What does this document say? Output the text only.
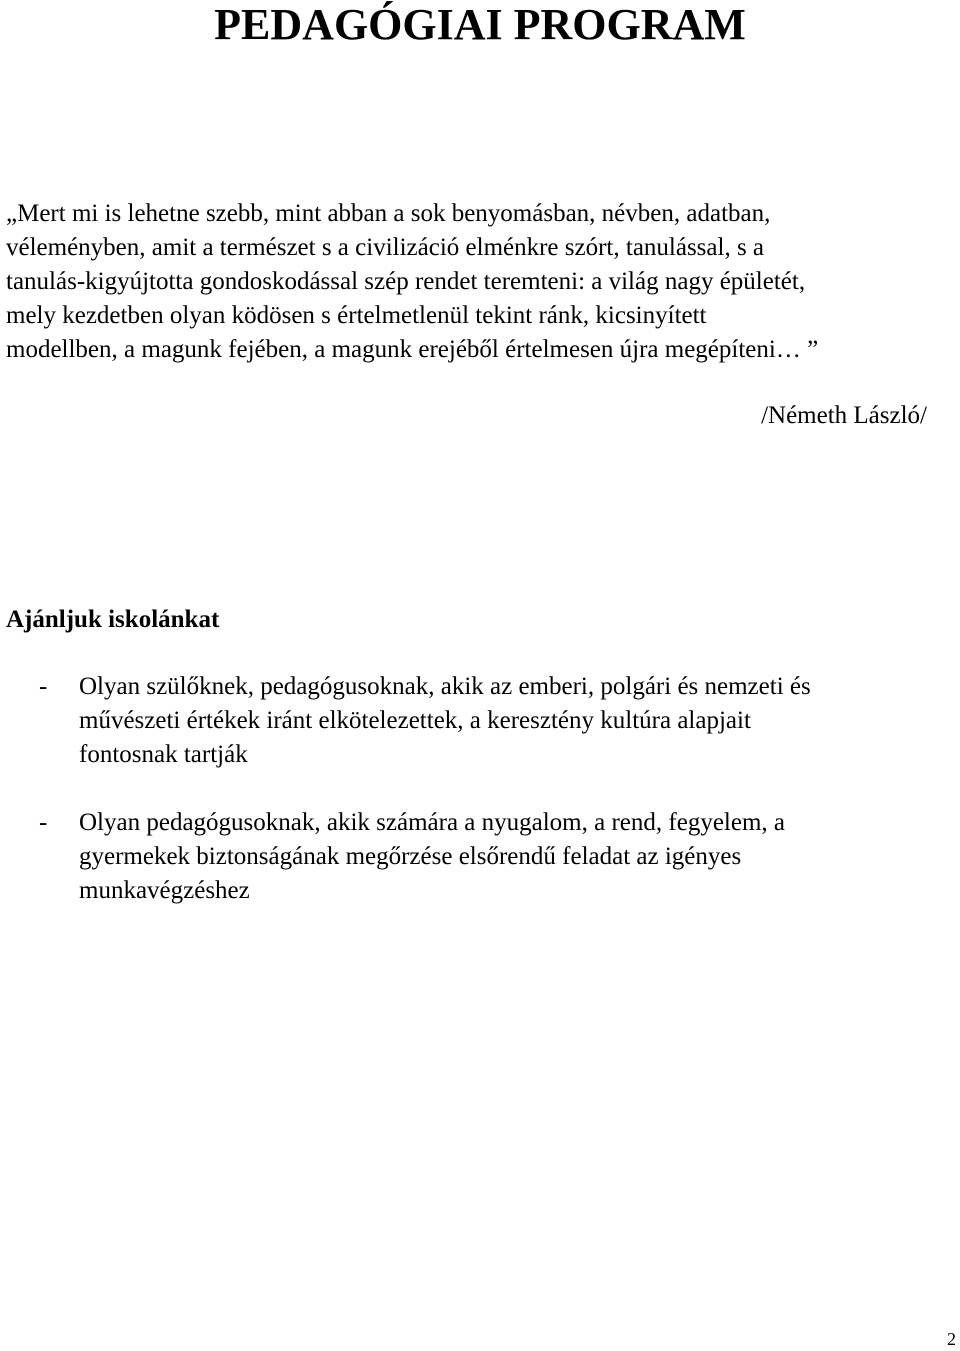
PEDAGÓGIAI PROGRAM
„Mert mi is lehetne szebb, mint abban a sok benyomásban, névben, adatban,
véleményben, amit a természet s a civilizáció elménkre szórt, tanulással, s a
tanulás-kigyújtotta gondoskodással szép rendet teremteni: a világ nagy épületét,
mely kezdetben olyan ködösen s értelmetlenül tekint ránk, kicsinyített
modellben, a magunk fejében, a magunk erejéből értelmesen újra megépíteni… ”

/Németh László/

Ajánljuk iskolánkat
- Olyan szülőknek, pedagógusoknak, akik az emberi, polgári és nemzeti és
művészeti értékek iránt elkötelezettek, a keresztény kultúra alapjait
fontosnak tartják
- Olyan pedagógusoknak, akik számára a nyugalom, a rend, fegyelem, a
gyermekek biztonságának megőrzése elsőrendű feladat az igényes
munkavégzéshez

2
